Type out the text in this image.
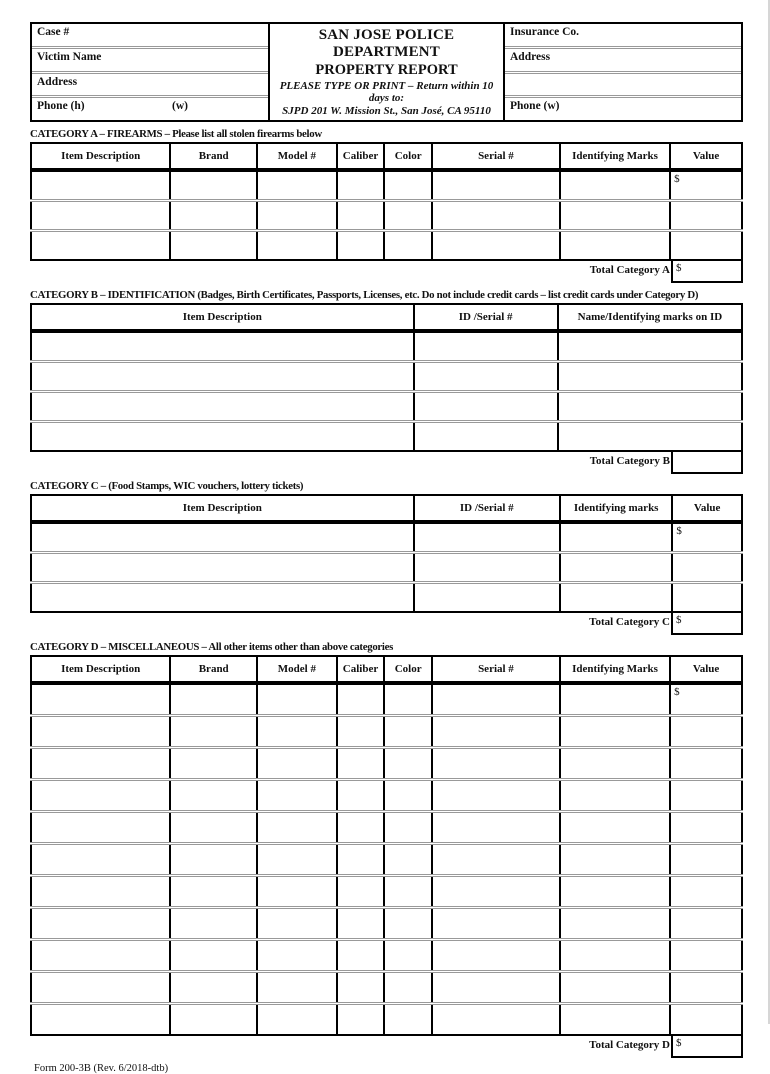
Case #
Victim Name
Address
Phone (h)	(w)
SAN JOSE POLICE DEPARTMENT
PROPERTY REPORT
PLEASE TYPE OR PRINT – Return within 10 days to:
SJPD 201 W. Mission St., San José, CA 95110
Insurance Co.
Address
Phone (w)
CATEGORY A – FIREARMS – Please list all stolen firearms below
Item Description	Brand	Model #	Caliber	Color	Serial #	Identifying Marks	Value
							$

Total Category A $
CATEGORY B – IDENTIFICATION (Badges, Birth Certificates, Passports, Licenses, etc. Do not include credit cards – list credit cards under Category D)
Item Description	ID /Serial #	Name/Identifying marks on ID

Total Category B
CATEGORY C – (Food Stamps, WIC vouchers, lottery tickets)
Item Description	ID /Serial #	Identifying marks	Value
			$

Total Category C $
CATEGORY D – MISCELLANEOUS – All other items other than above categories
Item Description	Brand	Model #	Caliber	Color	Serial #	Identifying Marks	Value
							$

Total Category D $
Form 200-3B (Rev. 6/2018-dtb)
